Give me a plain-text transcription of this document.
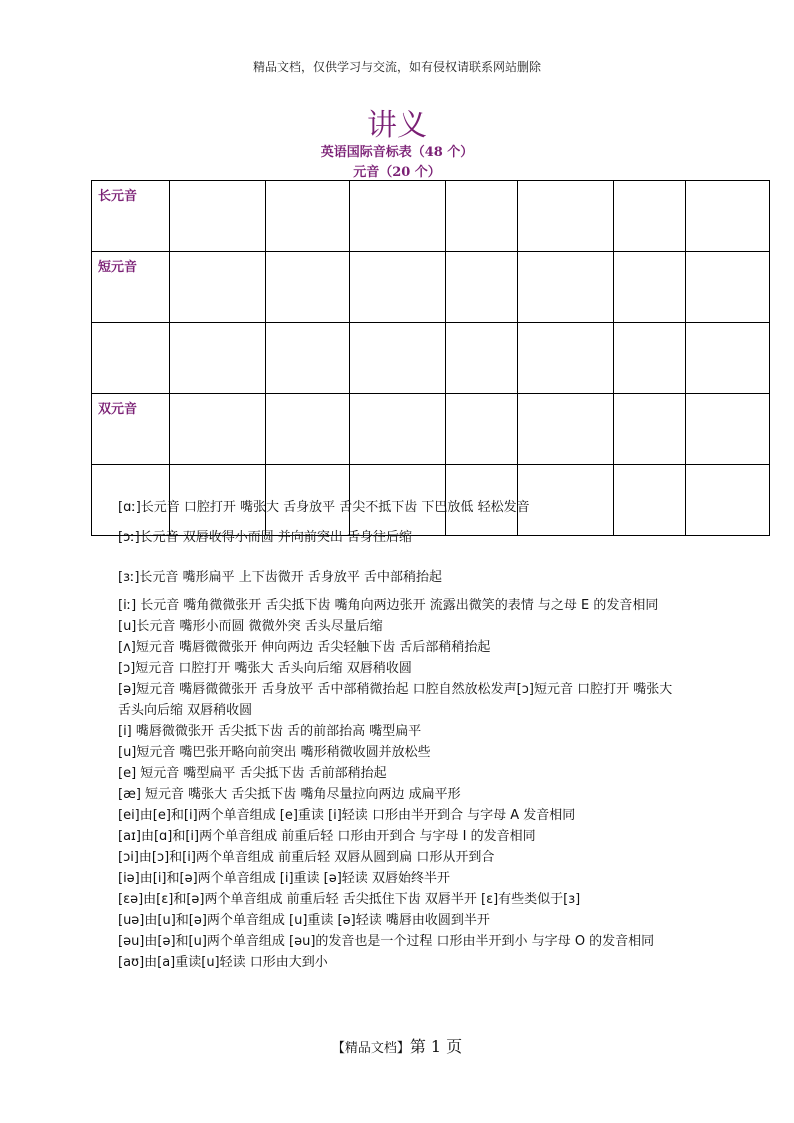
精品文档，仅供学习与交流，如有侵权请联系网站删除
讲义
英语国际音标表（48 个）
元音（20 个）
长元音							
短元音							

双元音							

[ɑː]长元音 口腔打开 嘴张大 舌身放平 舌尖不抵下齿 下巴放低 轻松发音

[ɔː]长元音 双唇收得小而圆 并向前突出 舌身往后缩

[ɜː]长元音 嘴形扁平 上下齿微开 舌身放平 舌中部稍抬起

[iː] 长元音 嘴角微微张开 舌尖抵下齿 嘴角向两边张开 流露出微笑的表情 与之母 E 的发音相同

[u]长元音 嘴形小而圆 微微外突 舌头尽量后缩

[ʌ]短元音 嘴唇微微张开 伸向两边 舌尖轻触下齿 舌后部稍稍抬起

[ɔ]短元音 口腔打开 嘴张大 舌头向后缩 双唇稍收圆

[ə]短元音 嘴唇微微张开 舌身放平 舌中部稍微抬起 口腔自然放松发声[ɔ]短元音 口腔打开 嘴张大 舌头向后缩 双唇稍收圆

[i] 嘴唇微微张开 舌尖抵下齿 舌的前部抬高 嘴型扁平

[u]短元音 嘴巴张开略向前突出 嘴形稍微收圆并放松些

[e] 短元音 嘴型扁平 舌尖抵下齿 舌前部稍抬起

[æ] 短元音 嘴张大 舌尖抵下齿 嘴角尽量拉向两边 成扁平形

[ei]由[e]和[i]两个单音组成 [e]重读 [i]轻读 口形由半开到合 与字母 A 发音相同

[aɪ]由[ɑ]和[i]两个单音组成 前重后轻 口形由开到合 与字母 I 的发音相同

[ɔi]由[ɔ]和[i]两个单音组成 前重后轻 双唇从圆到扁 口形从开到合

[iə]由[i]和[ə]两个单音组成 [i]重读 [ə]轻读 双唇始终半开

[ɛə]由[ɛ]和[ə]两个单音组成 前重后轻 舌尖抵住下齿 双唇半开 [ɛ]有些类似于[ɜ]

[uə]由[u]和[ə]两个单音组成 [u]重读 [ə]轻读 嘴唇由收圆到半开

[əu]由[ə]和[u]两个单音组成 [əu]的发音也是一个过程 口形由半开到小 与字母 O 的发音相同

[aʊ]由[a]重读[u]轻读 口形由大到小

【精品文档】第 1 页
